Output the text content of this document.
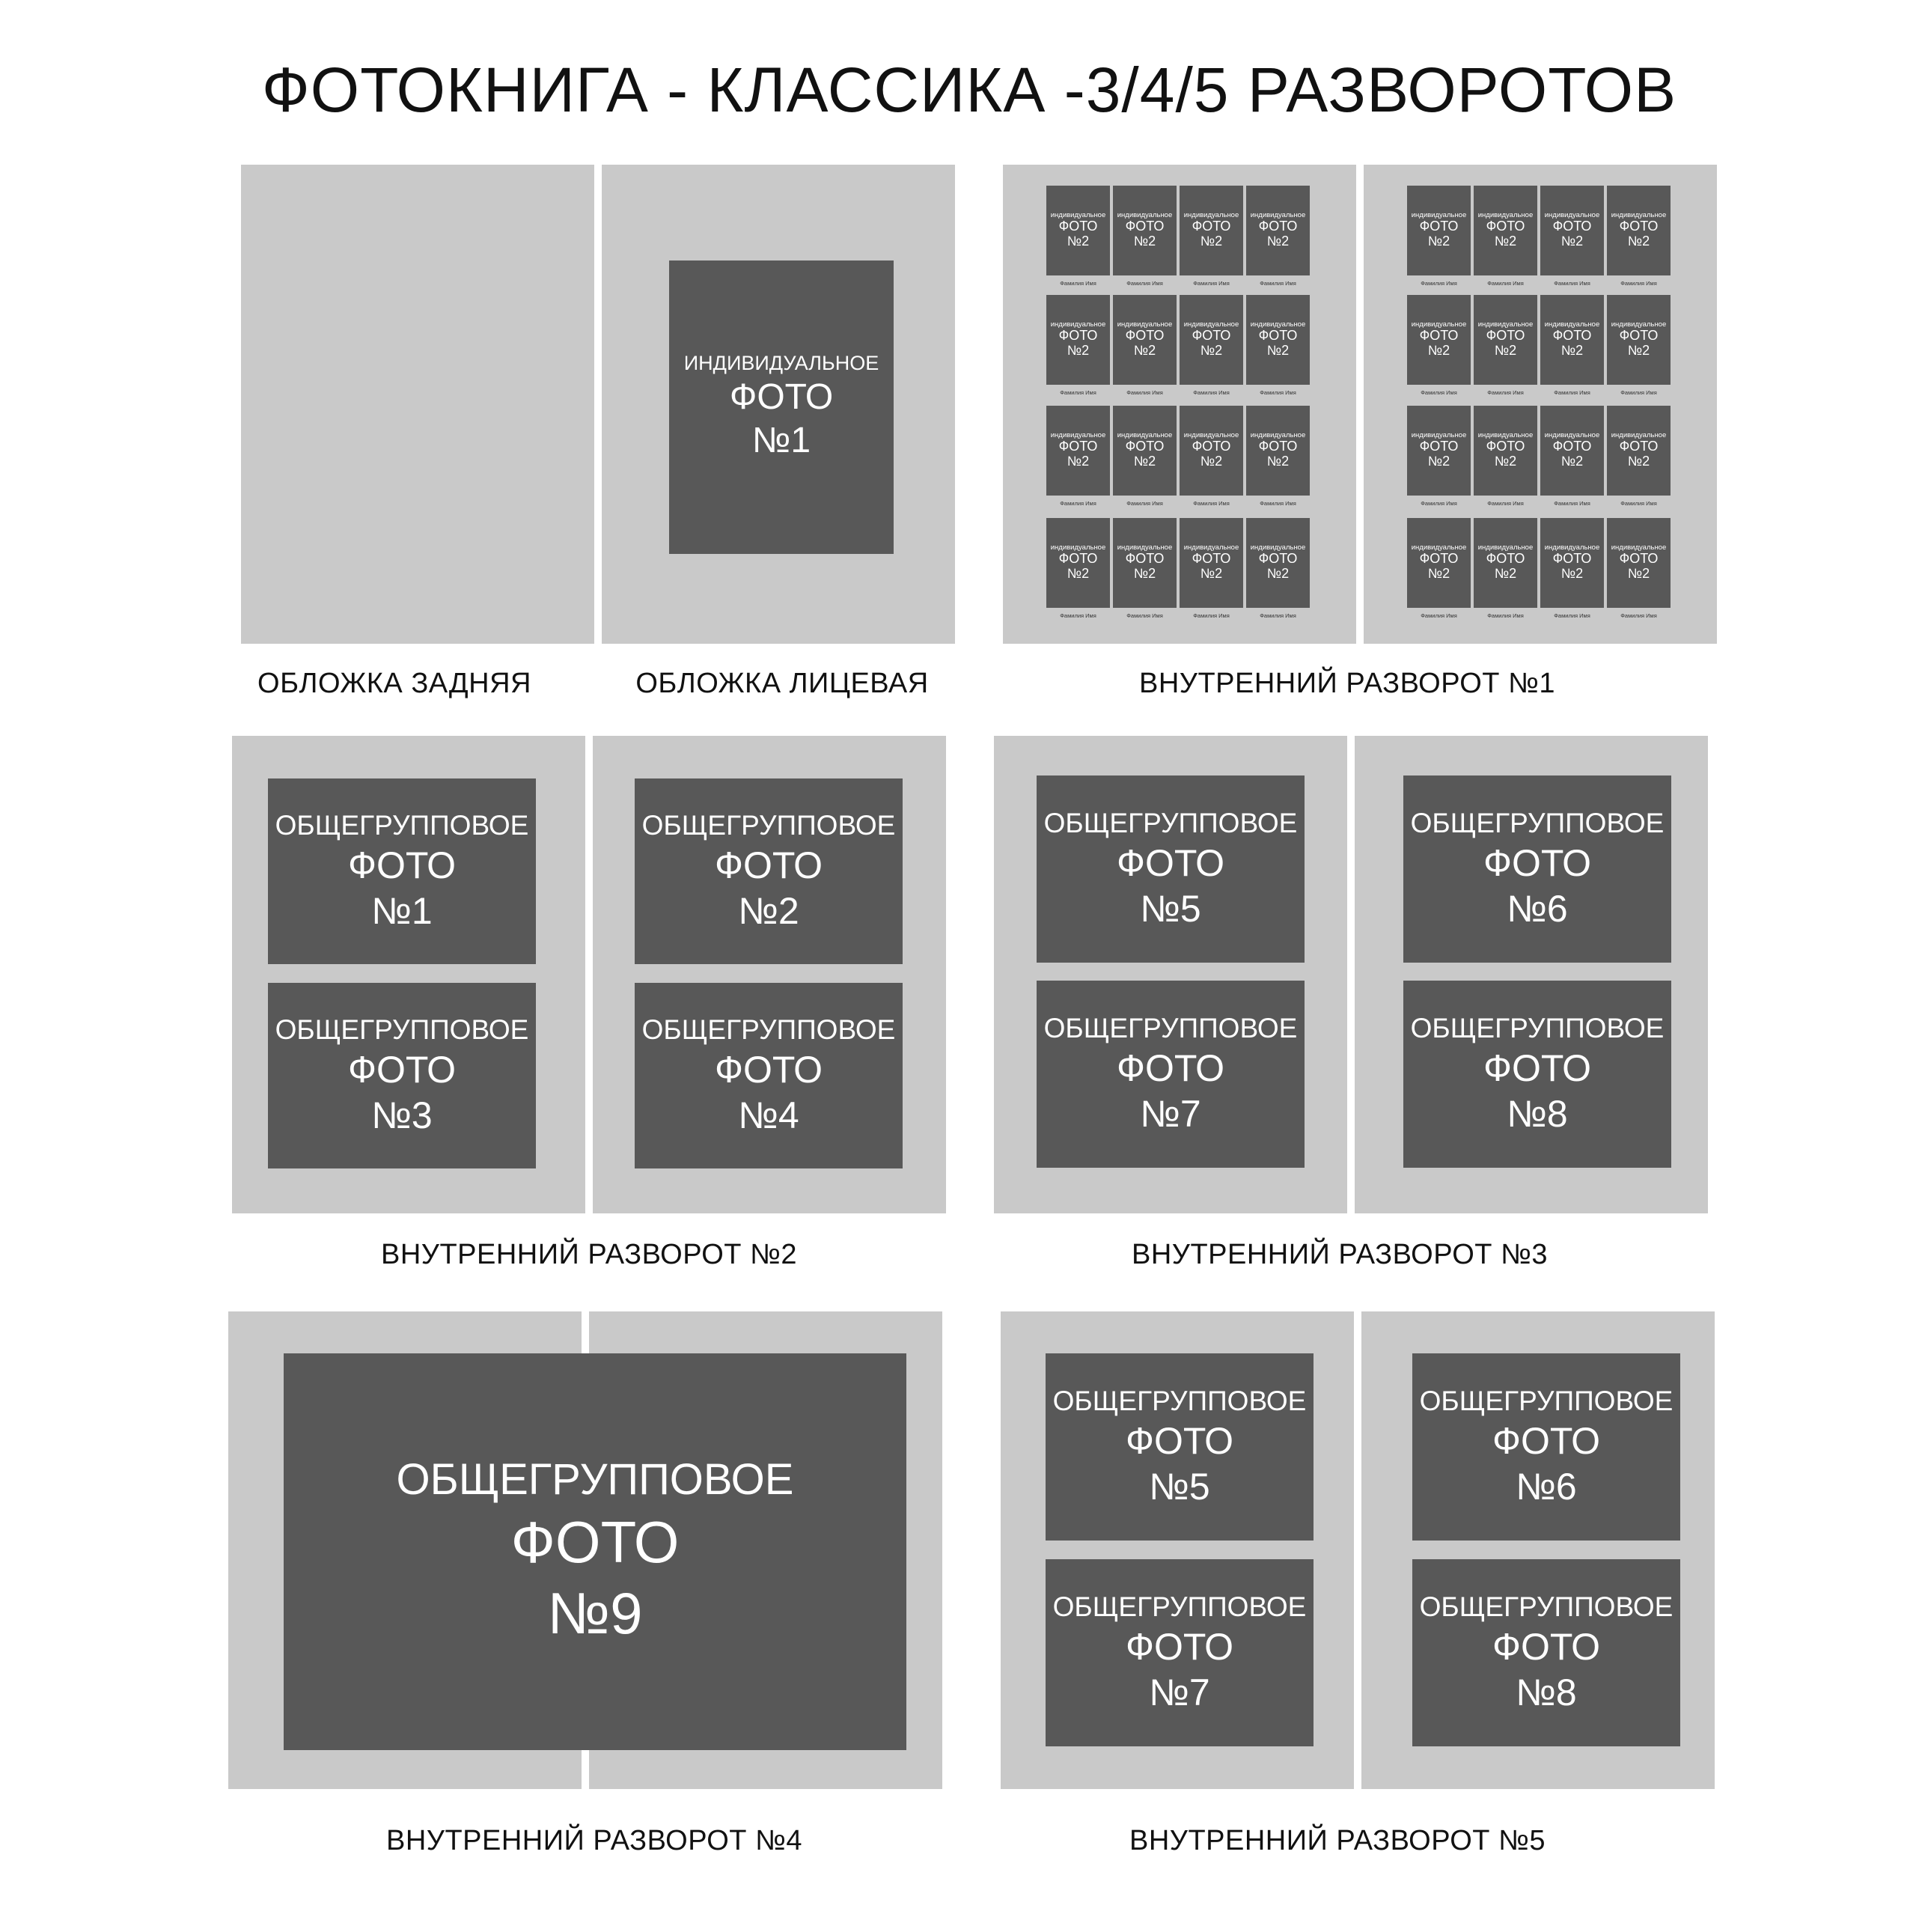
ФОТОКНИГА - КЛАССИКА -3/4/5 РАЗВОРОТОВ
ИНДИВИДУАЛЬНОЕ
ФОТО
№1
ОБЛОЖКА ЗАДНЯЯ	ОБЛОЖКА ЛИЦЕВАЯ
индивидуальное
ФОТО
№2
Фамилия Имя
индивидуальное
ФОТО
№2
Фамилия Имя
индивидуальное
ФОТО
№2
Фамилия Имя
индивидуальное
ФОТО
№2
Фамилия Имя
индивидуальное
ФОТО
№2
Фамилия Имя
индивидуальное
ФОТО
№2
Фамилия Имя
индивидуальное
ФОТО
№2
Фамилия Имя
индивидуальное
ФОТО
№2
Фамилия Имя
индивидуальное
ФОТО
№2
Фамилия Имя
индивидуальное
ФОТО
№2
Фамилия Имя
индивидуальное
ФОТО
№2
Фамилия Имя
индивидуальное
ФОТО
№2
Фамилия Имя
индивидуальное
ФОТО
№2
Фамилия Имя
индивидуальное
ФОТО
№2
Фамилия Имя
индивидуальное
ФОТО
№2
Фамилия Имя
индивидуальное
ФОТО
№2
Фамилия Имя
индивидуальное
ФОТО
№2
Фамилия Имя
индивидуальное
ФОТО
№2
Фамилия Имя
индивидуальное
ФОТО
№2
Фамилия Имя
индивидуальное
ФОТО
№2
Фамилия Имя
индивидуальное
ФОТО
№2
Фамилия Имя
индивидуальное
ФОТО
№2
Фамилия Имя
индивидуальное
ФОТО
№2
Фамилия Имя
индивидуальное
ФОТО
№2
Фамилия Имя
индивидуальное
ФОТО
№2
Фамилия Имя
индивидуальное
ФОТО
№2
Фамилия Имя
индивидуальное
ФОТО
№2
Фамилия Имя
индивидуальное
ФОТО
№2
Фамилия Имя
индивидуальное
ФОТО
№2
Фамилия Имя
индивидуальное
ФОТО
№2
Фамилия Имя
индивидуальное
ФОТО
№2
Фамилия Имя
индивидуальное
ФОТО
№2
Фамилия Имя
ВНУТРЕННИЙ РАЗВОРОТ №1
ОБЩЕГРУППОВОЕ
ФОТО
№1
ОБЩЕГРУППОВОЕ
ФОТО
№3
ОБЩЕГРУППОВОЕ
ФОТО
№2
ОБЩЕГРУППОВОЕ
ФОТО
№4
ВНУТРЕННИЙ РАЗВОРОТ №2
ОБЩЕГРУППОВОЕ
ФОТО
№5
ОБЩЕГРУППОВОЕ
ФОТО
№7
ОБЩЕГРУППОВОЕ
ФОТО
№6
ОБЩЕГРУППОВОЕ
ФОТО
№8
ВНУТРЕННИЙ РАЗВОРОТ №3
ОБЩЕГРУППОВОЕ
ФОТО
№9
ВНУТРЕННИЙ РАЗВОРОТ №4
ОБЩЕГРУППОВОЕ
ФОТО
№5
ОБЩЕГРУППОВОЕ
ФОТО
№7
ОБЩЕГРУППОВОЕ
ФОТО
№6
ОБЩЕГРУППОВОЕ
ФОТО
№8
ВНУТРЕННИЙ РАЗВОРОТ №5
